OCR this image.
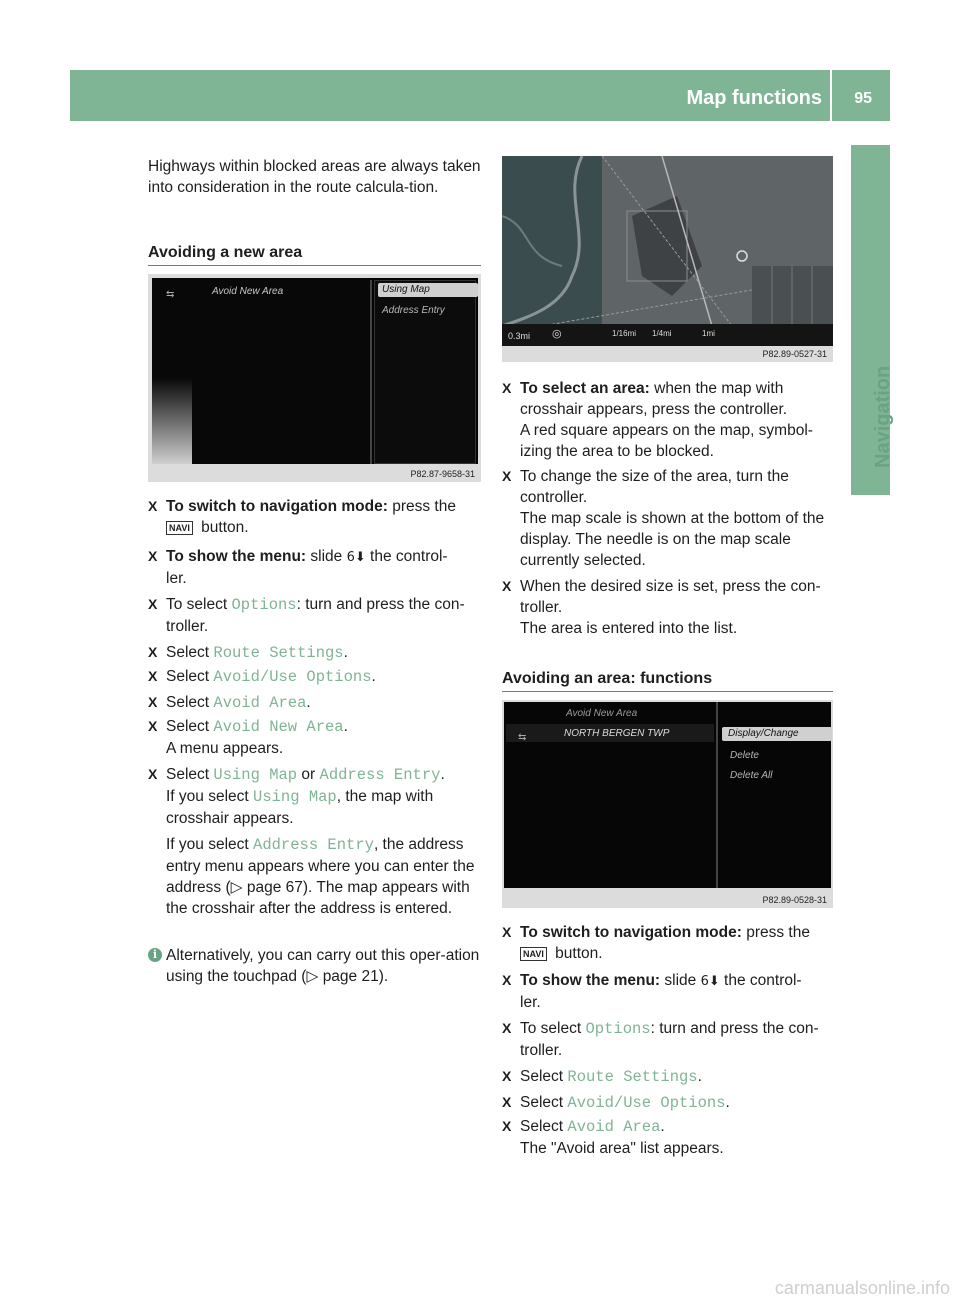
Map functions 95
Navigation

Highways within blocked areas are always taken into consideration in the route calcula-tion.

Avoiding a new area
⇆	Avoid New Area	Using Map
Address Entry
P82.87-9658-31
X To switch to navigation mode: press the
NAVI button.
X To show the menu: slide 6⬇ the control-ler.
X To select Options: turn and press the con-troller.
X Select Route Settings.
X Select Avoid/Use Options.
X Select Avoid Area.
X Select Avoid New Area.
A menu appears.
X Select Using Map or Address Entry.
If you select Using Map, the map with crosshair appears.

If you select Address Entry, the address entry menu appears where you can enter the address (▷ page 67). The map appears with the crosshair after the address is entered.
i Alternatively, you can carry out this oper-ation using the touchpad (▷ page 21).

0.3mi ◎	1/16mi 1/4mi	1mi
P82.89-0527-31
X To select an area: when the map with crosshair appears, press the controller.
A red square appears on the map, symbol-izing the area to be blocked.
X To change the size of the area, turn the controller.
The map scale is shown at the bottom of the display. The needle is on the map scale currently selected.
X When the desired size is set, press the con-troller.
The area is entered into the list.
Avoiding an area: functions
Avoid New Area
⇆	NORTH BERGEN TWP	Display/Change
Delete
Delete All
P82.89-0528-31
X To switch to navigation mode: press the
NAVI button.
X To show the menu: slide 6⬇ the control-ler.
X To select Options: turn and press the con-troller.
X Select Route Settings.
X Select Avoid/Use Options.
X Select Avoid Area.
The "Avoid area" list appears.
carmanualsonline.info
